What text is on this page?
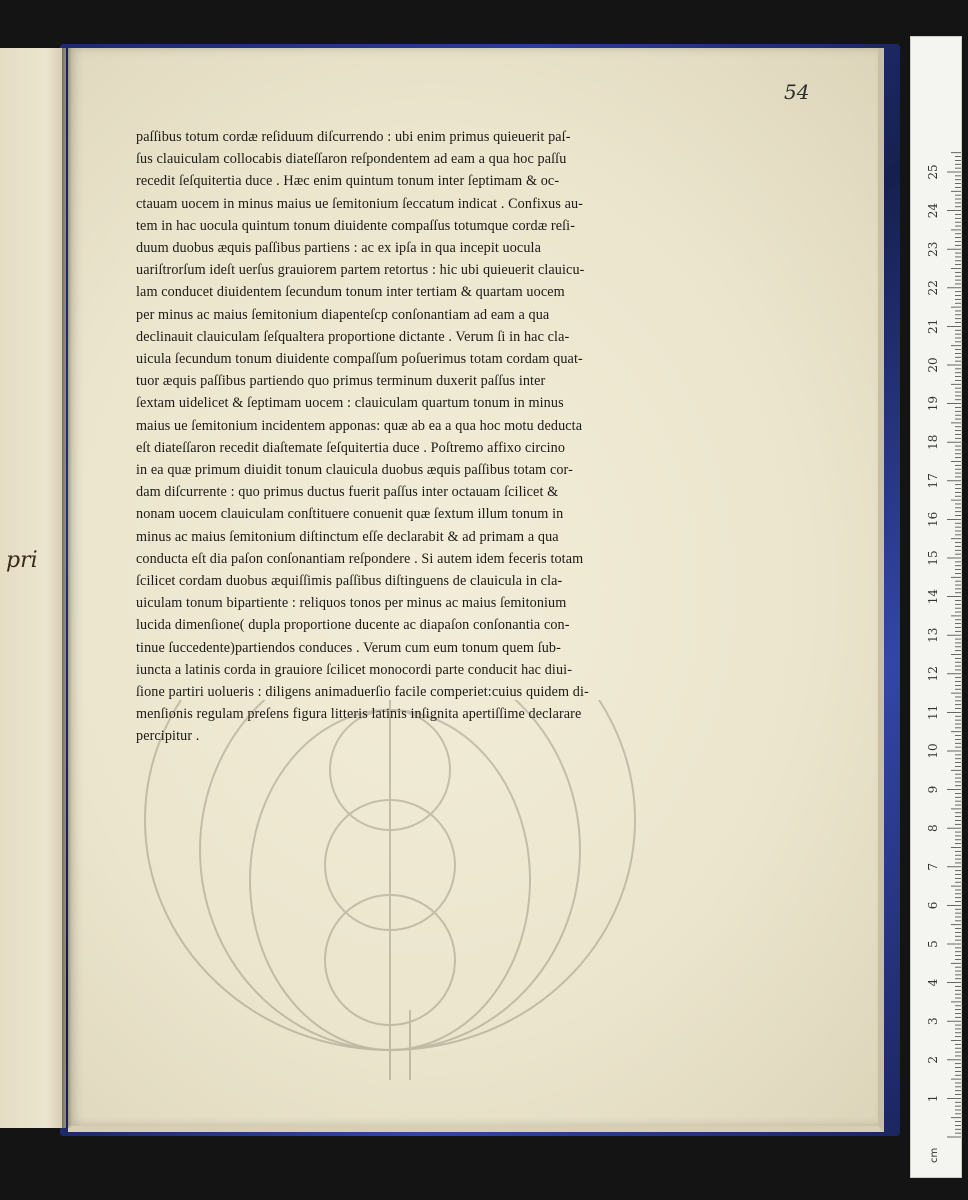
pri
54
paſſibus totum cordæ reſiduum diſcurrendo : ubi enim primus quieuerit paſ-
ſus clauiculam collocabis diateſſaron reſpondentem ad eam a qua hoc paſſu
recedit ſeſquitertia duce . Hæc enim quintum tonum inter ſeptimam & oc-
ctauam uocem in minus maius ue ſemitonium ſeccatum indicat . Confixus au-
tem in hac uocula quintum tonum diuidente compaſſus totumque cordæ reſi-
duum duobus æquis paſſibus partiens : ac ex ipſa in qua incepit uocula
uariſtrorſum ideſt uerſus grauiorem partem retortus : hic ubi quieuerit clauicu-
lam conducet diuidentem ſecundum tonum inter tertiam & quartam uocem
per minus ac maius ſemitonium diapenteſcp conſonantiam ad eam a qua
declinauit clauiculam ſeſqualtera proportione dictante . Verum ſi in hac cla-
uicula ſecundum tonum diuidente compaſſum poſuerimus totam cordam quat-
tuor æquis paſſibus partiendo quo primus terminum duxerit paſſus inter
ſextam uidelicet & ſeptimam uocem : clauiculam quartum tonum in minus
maius ue ſemitonium incidentem apponas: quæ ab ea a qua hoc motu deducta
eſt diateſſaron recedit diaſtemate ſeſquitertia duce . Poſtremo affixo circino
in ea quæ primum diuidit tonum clauicula duobus æquis paſſibus totam cor-
dam diſcurrente : quo primus ductus fuerit paſſus inter octauam ſcilicet &
nonam uocem clauiculam conſtituere conuenit quæ ſextum illum tonum in
minus ac maius ſemitonium diſtinctum eſſe declarabit & ad primam a qua
conducta eſt dia paſon conſonantiam reſpondere . Si autem idem feceris totam
ſcilicet cordam duobus æquiſſimis paſſibus diſtinguens de clauicula in cla-
uiculam tonum bipartiente : reliquos tonos per minus ac maius ſemitonium
lucida dimenſione( dupla proportione ducente ac diapaſon conſonantia con-
tinue ſuccedente)partiendos conduces . Verum cum eum tonum quem ſub-
iuncta a latinis corda in grauiore ſcilicet monocordi parte conducit hac diui-
ſione partiri uolueris : diligens animaduerſio facile comperiet:cuius quidem di-
menſionis regulam preſens figura litteris latinis inſignita apertiſſime declarare
percipitur .
cm
1
2
3
4
5
6
7
8
9
10
11
12
13
14
15
16
17
18
19
20
21
22
23
24
25
